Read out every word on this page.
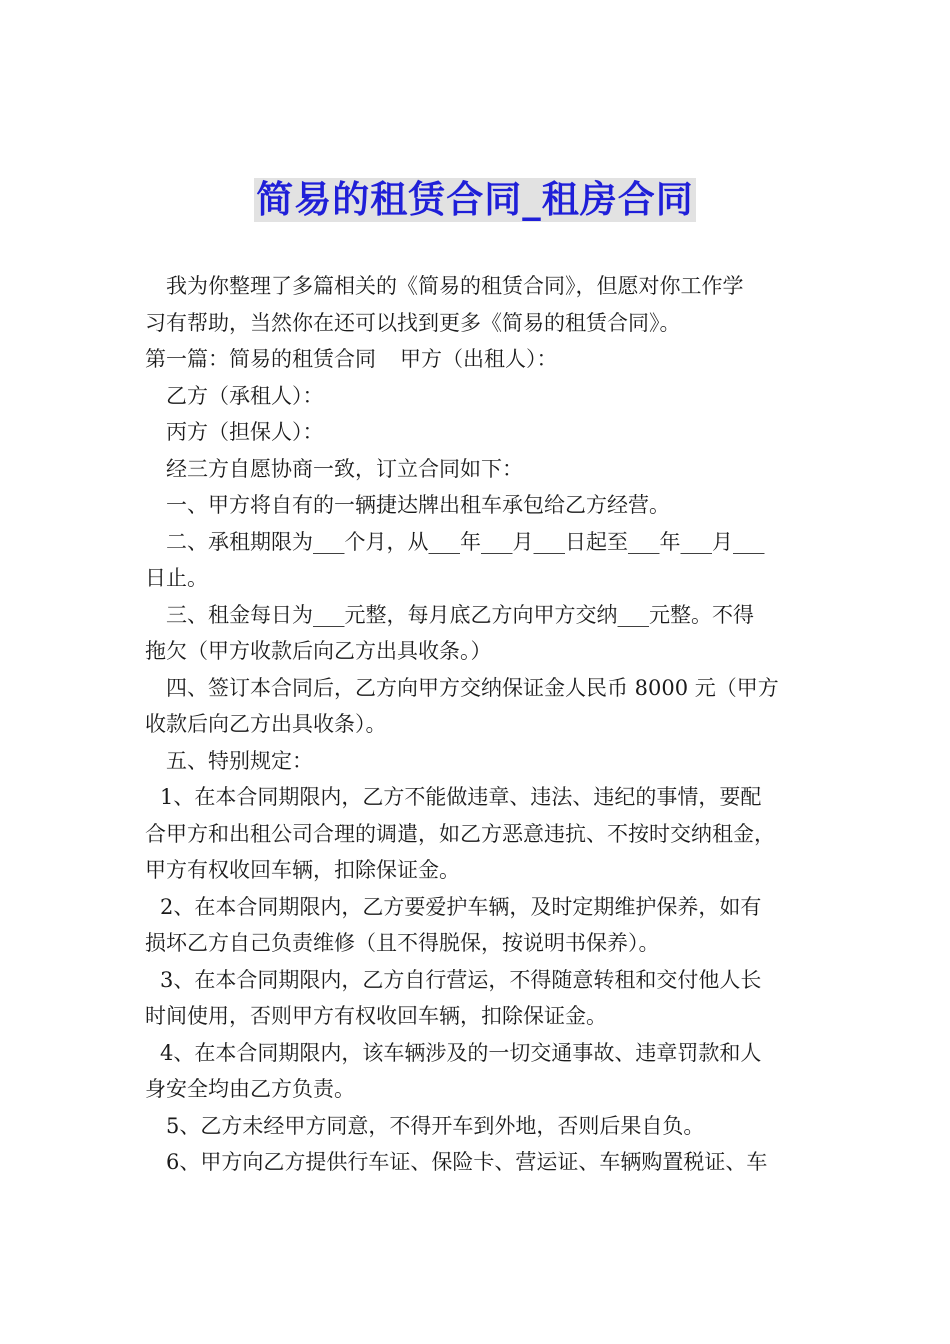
简易的租赁合同_租房合同
我为你整理了多篇相关的《简易的租赁合同》，但愿对你工作学
习有帮助，当然你在还可以找到更多《简易的租赁合同》。
第一篇：简易的租赁合同 甲方（出租人）：
乙方（承租人）：
丙方（担保人）：
经三方自愿协商一致，订立合同如下：
一、甲方将自有的一辆捷达牌出租车承包给乙方经营。
二、承租期限为___个月，从___年___月___日起至___年___月___
日止。
三、租金每日为___元整，每月底乙方向甲方交纳___元整。不得
拖欠（甲方收款后向乙方出具收条。）
四、签订本合同后，乙方向甲方交纳保证金人民币 8000 元（甲方
收款后向乙方出具收条）。
五、特别规定：
1、在本合同期限内，乙方不能做违章、违法、违纪的事情，要配
合甲方和出租公司合理的调遣，如乙方恶意违抗、不按时交纳租金，
甲方有权收回车辆，扣除保证金。
2、在本合同期限内，乙方要爱护车辆，及时定期维护保养，如有
损坏乙方自己负责维修（且不得脱保，按说明书保养）。
3、在本合同期限内，乙方自行营运，不得随意转租和交付他人长
时间使用，否则甲方有权收回车辆，扣除保证金。
4、在本合同期限内，该车辆涉及的一切交通事故、违章罚款和人
身安全均由乙方负责。
5、乙方未经甲方同意，不得开车到外地，否则后果自负。
6、甲方向乙方提供行车证、保险卡、营运证、车辆购置税证、车
